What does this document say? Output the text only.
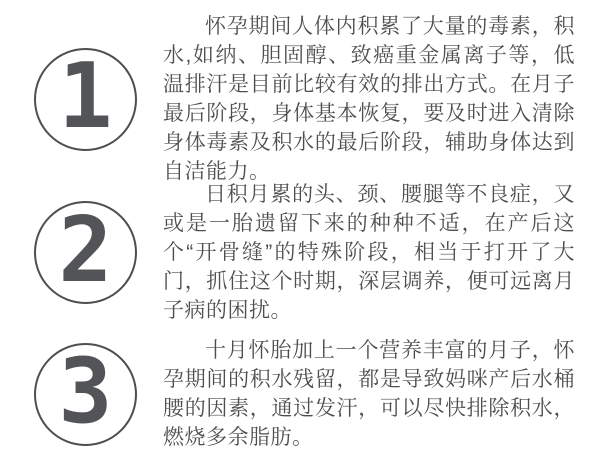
1
怀孕期间人体内积累了大量的毒素，积水,如纳、胆固醇、致癌重金属离子等，低温排汗是目前比较有效的排出方式。在月子最后阶段，身体基本恢复，要及时进入清除身体毒素及积水的最后阶段，辅助身体达到自洁能力。
2
日积月累的头、颈、腰腿等不良症，又或是一胎遗留下来的种种不适，在产后这个“开骨缝”的特殊阶段，相当于打开了大门，抓住这个时期，深层调养，便可远离月子病的困扰。
3	十月怀胎加上一个营养丰富的月子，怀孕期间的积水残留，都是导致妈咪产后水桶腰的因素，通过发汗，可以尽快排除积水，燃烧多余脂肪。
